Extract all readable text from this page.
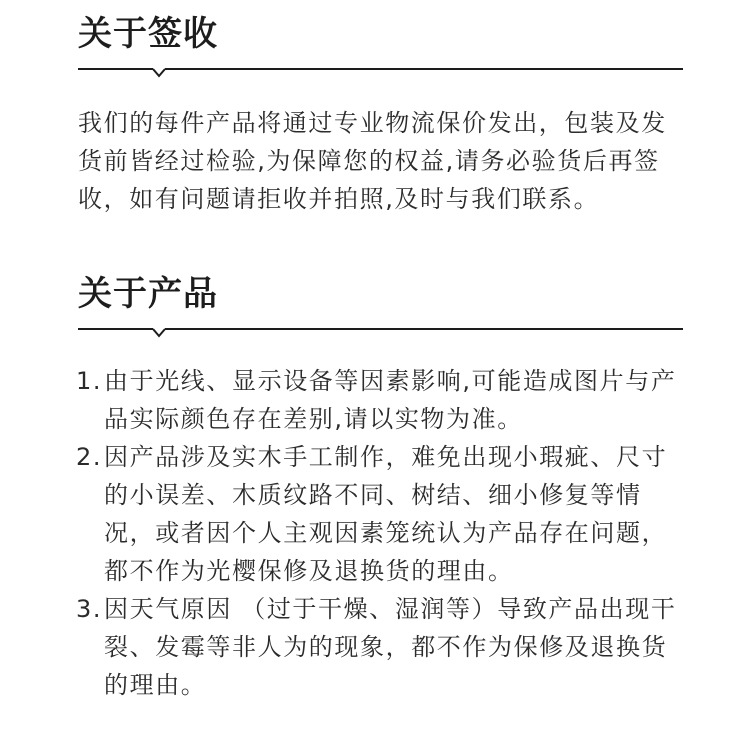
关于签收
我们的每件产品将通过专业物流保价发出，包装及发货前皆经过检验,为保障您的权益,请务必验货后再签收，如有问题请拒收并拍照,及时与我们联系。
关于产品
1. 由于光线、显示设备等因素影响,可能造成图片与产品实际颜色存在差别,请以实物为准。
2. 因产品涉及实木手工制作，难免出现小瑕疵、尺寸的小误差、木质纹路不同、树结、细小修复等情况，或者因个人主观因素笼统认为产品存在问题，都不作为光樱保修及退换货的理由。
3. 因天气原因 （过于干燥、湿润等）导致产品出现干裂、发霉等非人为的现象，都不作为保修及退换货的理由。
